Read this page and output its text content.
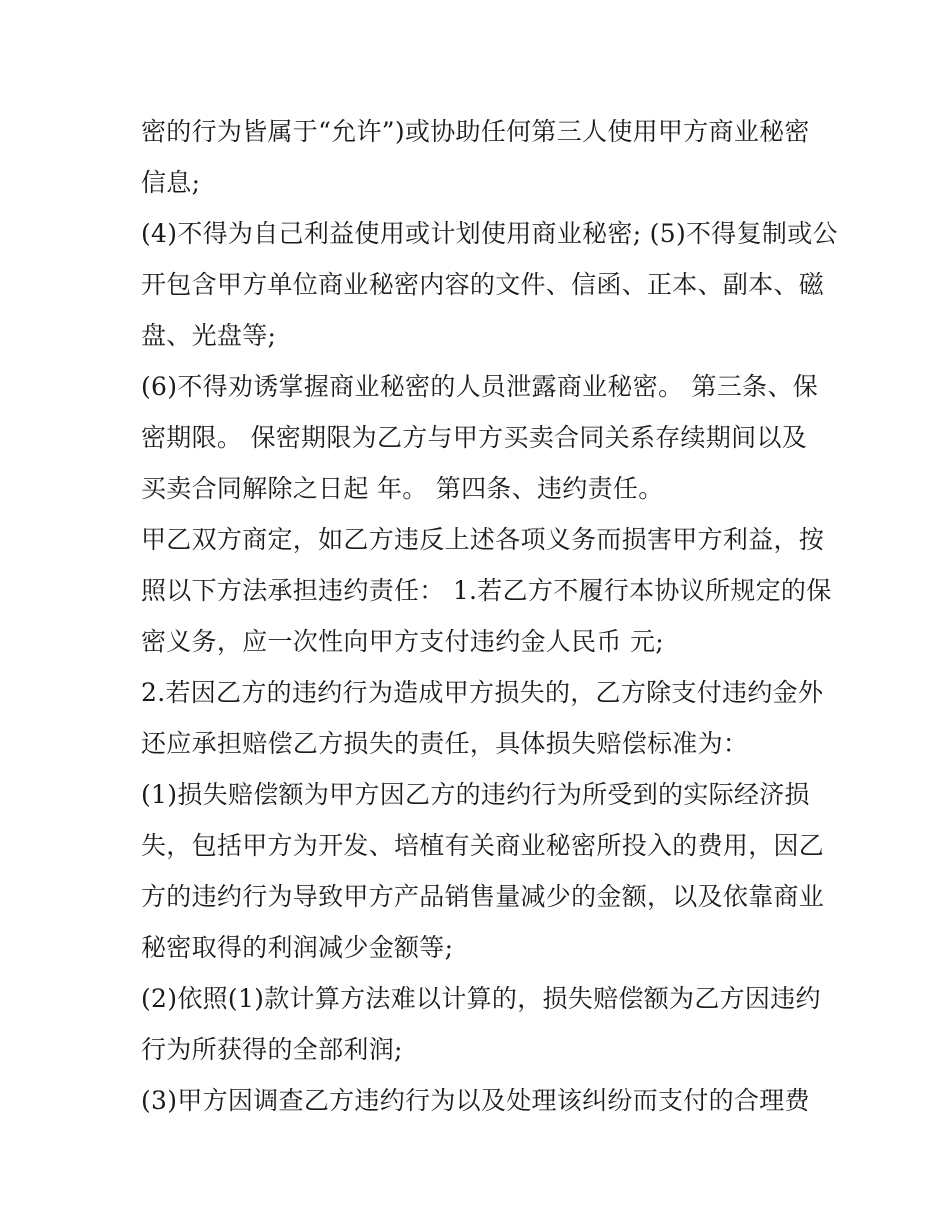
密的行为皆属于“允许”)或协助任何第三人使用甲方商业秘密
信息;
(4)不得为自己利益使用或计划使用商业秘密; (5)不得复制或公
开包含甲方单位商业秘密内容的文件、信函、正本、副本、磁
盘、光盘等;
(6)不得劝诱掌握商业秘密的人员泄露商业秘密。 第三条、保
密期限。 保密期限为乙方与甲方买卖合同关系存续期间以及
买卖合同解除之日起 年。 第四条、违约责任。
甲乙双方商定，如乙方违反上述各项义务而损害甲方利益，按
照以下方法承担违约责任： 1.若乙方不履行本协议所规定的保
密义务，应一次性向甲方支付违约金人民币 元;
2.若因乙方的违约行为造成甲方损失的，乙方除支付违约金外
还应承担赔偿乙方损失的责任，具体损失赔偿标准为：
(1)损失赔偿额为甲方因乙方的违约行为所受到的实际经济损
失，包括甲方为开发、培植有关商业秘密所投入的费用，因乙
方的违约行为导致甲方产品销售量减少的金额，以及依靠商业
秘密取得的利润减少金额等;
(2)依照(1)款计算方法难以计算的，损失赔偿额为乙方因违约
行为所获得的全部利润;
(3)甲方因调查乙方违约行为以及处理该纠纷而支付的合理费
